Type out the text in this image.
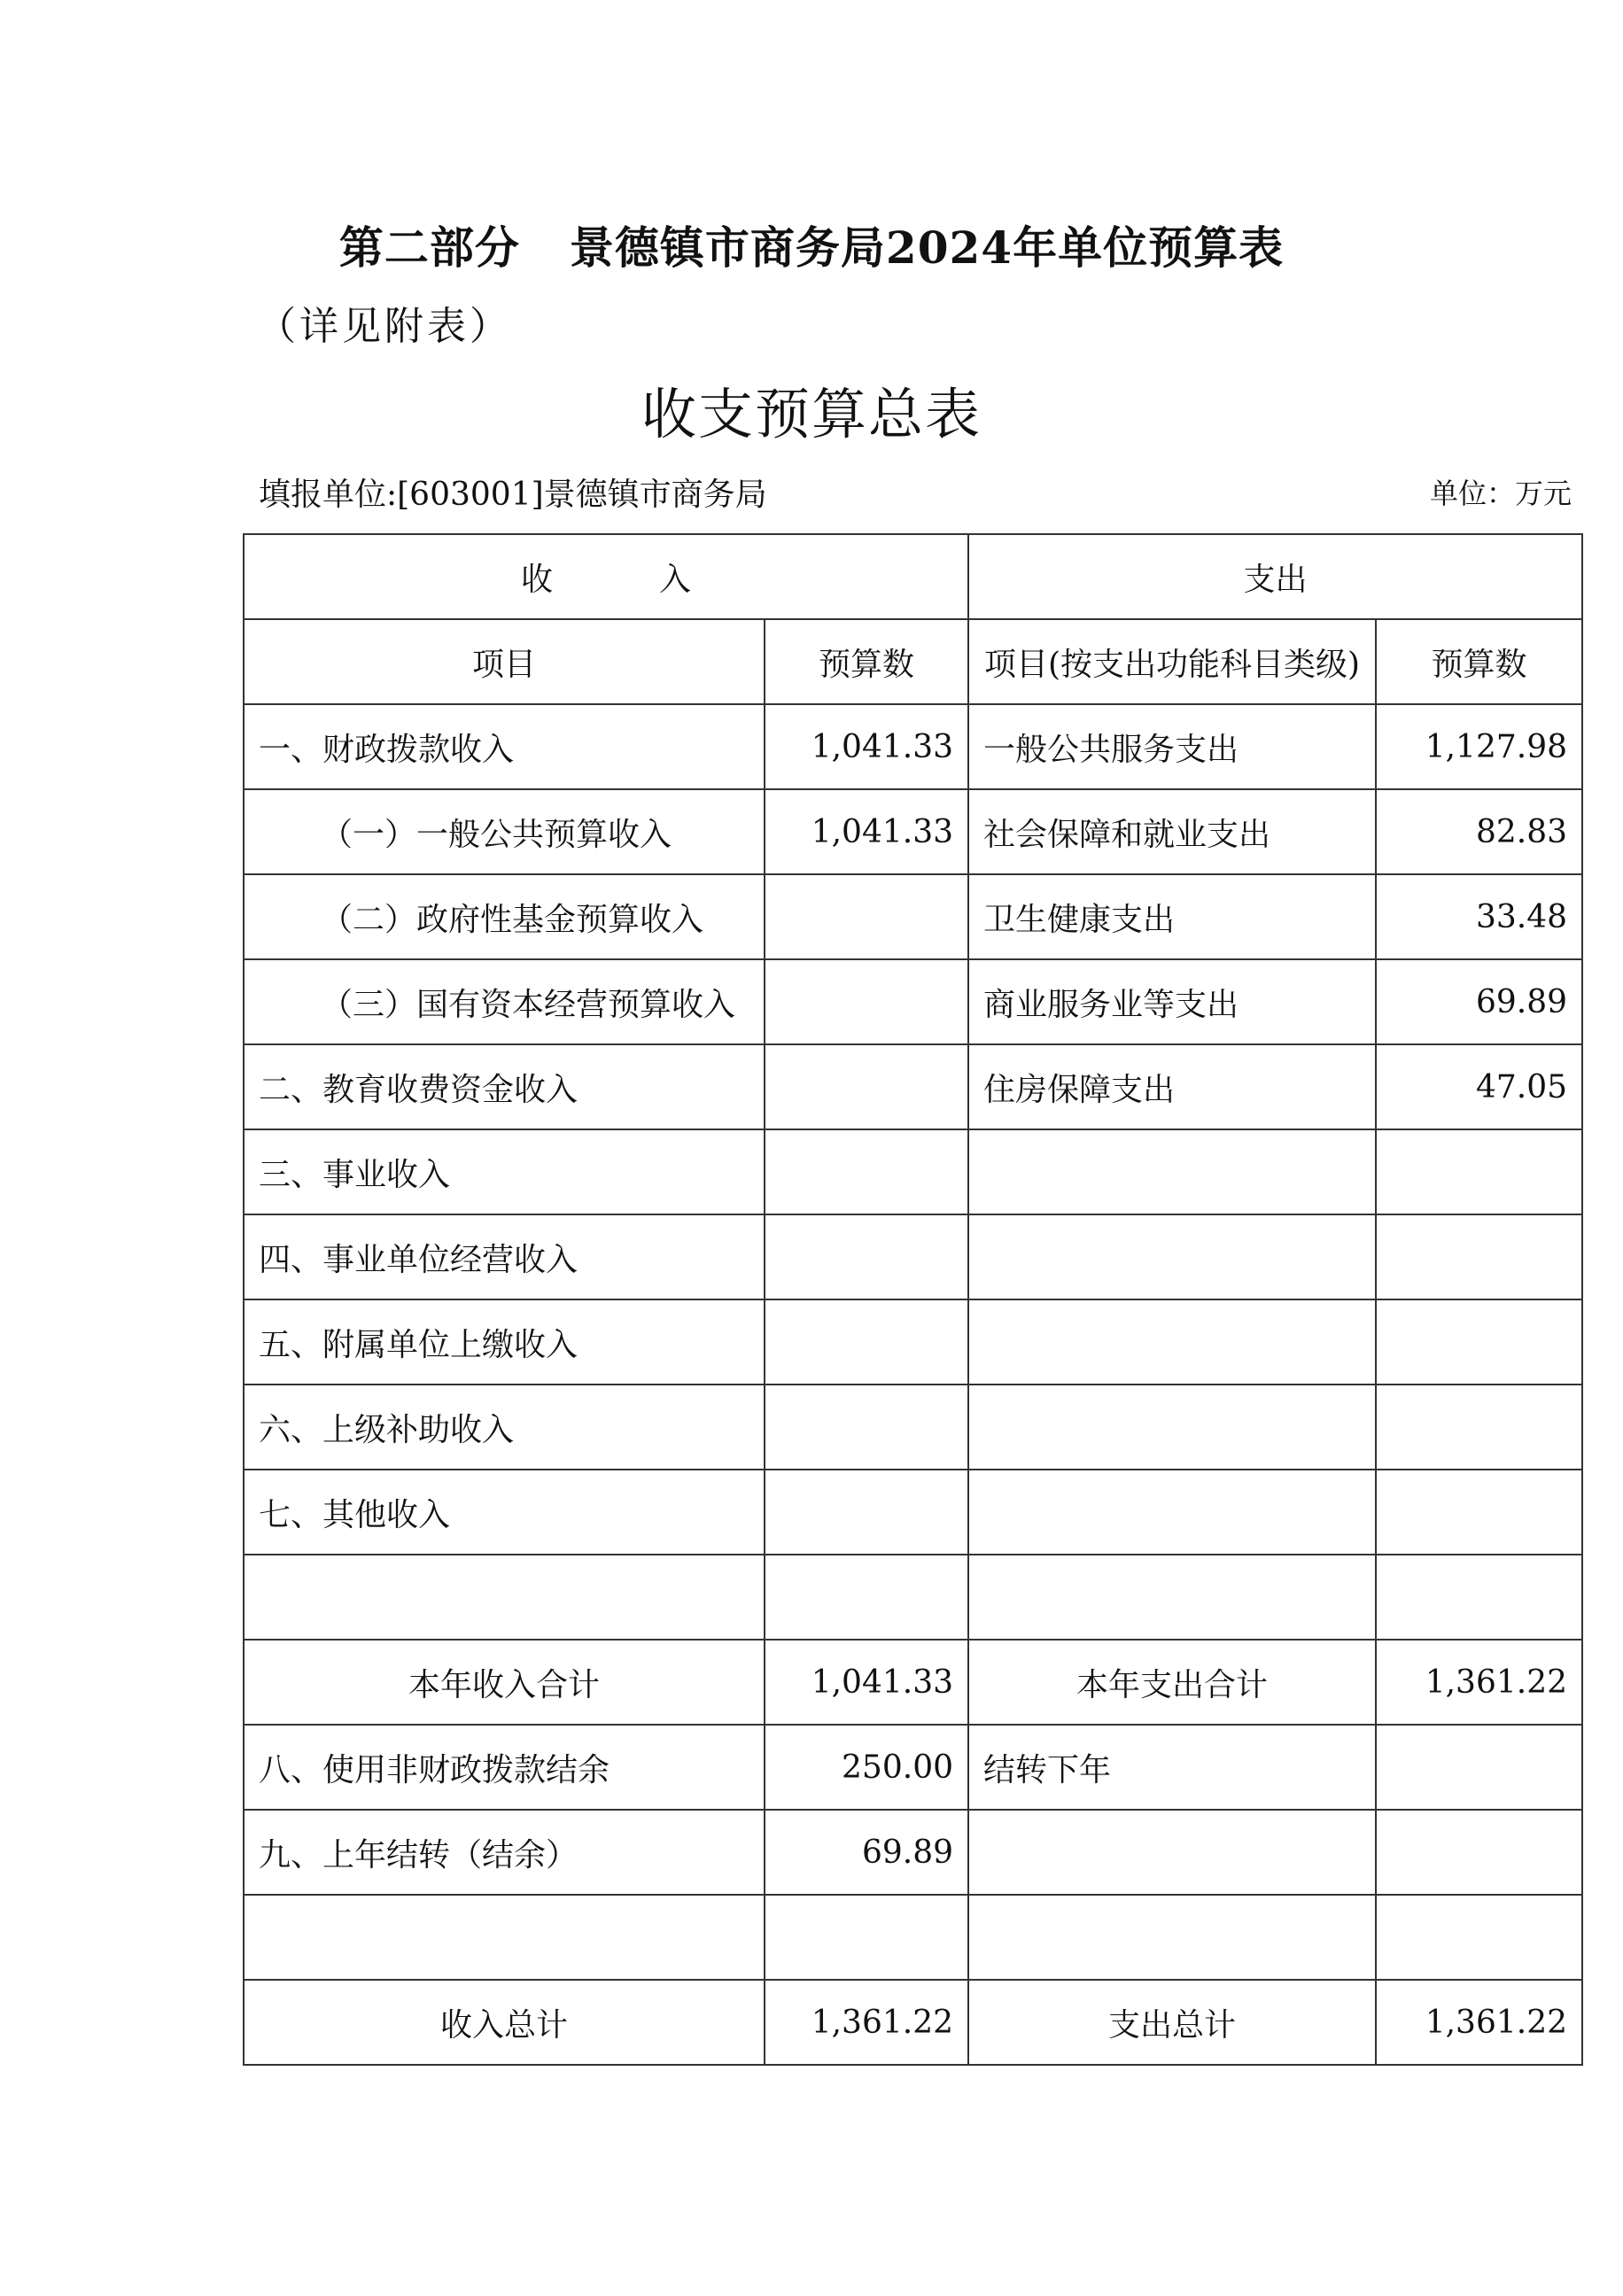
第二部分 景德镇市商务局2024年单位预算表
（详见附表）
收支预算总表
填报单位:[603001]景德镇市商务局	单位：万元
收 入		支出	
项目	预算数	项目(按支出功能科目类级)	预算数
一、财政拨款收入	1,041.33	一般公共服务支出	1,127.98
（一）一般公共预算收入	1,041.33	社会保障和就业支出	82.83
（二）政府性基金预算收入		卫生健康支出	33.48
（三）国有资本经营预算收入		商业服务业等支出	69.89
二、教育收费资金收入		住房保障支出	47.05
三、事业收入			
四、事业单位经营收入			
五、附属单位上缴收入			
六、上级补助收入			
七、其他收入			

本年收入合计	1,041.33	本年支出合计	1,361.22
八、使用非财政拨款结余	250.00	结转下年	
九、上年结转（结余）	69.89		

收入总计	1,361.22	支出总计	1,361.22
